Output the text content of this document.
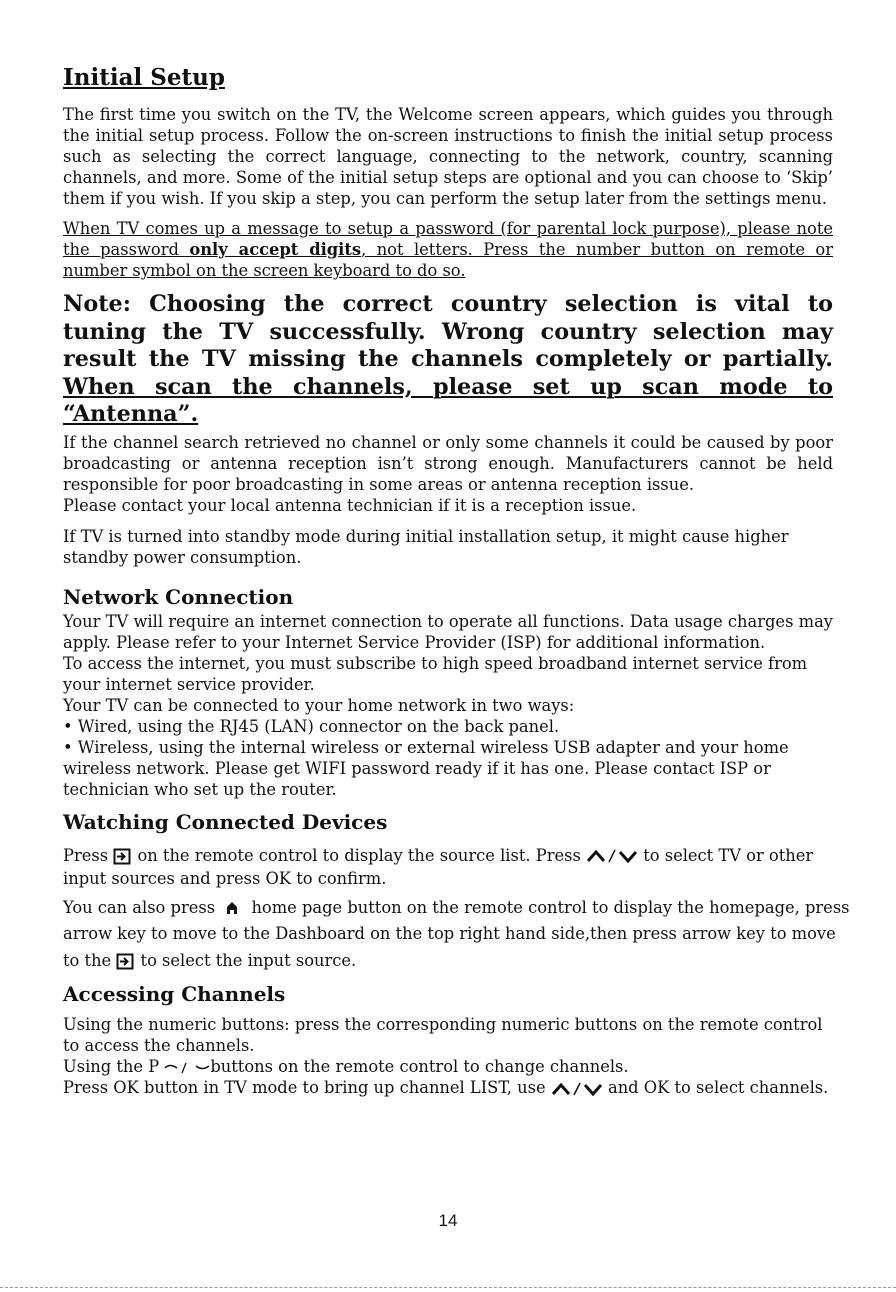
Initial Setup

The first time you switch on the TV, the Welcome screen appears, which guides you through the initial setup process. Follow the on-screen instructions to finish the initial setup process such as selecting the correct language, connecting to the network, country, scanning channels, and more. Some of the initial setup steps are optional and you can choose to ‘Skip’ them if you wish. If you skip a step, you can perform the setup later from the settings menu.

When TV comes up a message to setup a password (for parental lock purpose), please note the password only accept digits, not letters. Press the number button on remote or number symbol on the screen keyboard to do so.

Note: Choosing the correct country selection is vital to tuning the TV successfully. Wrong country selection may result the TV missing the channels completely or partially. When scan the channels, please set up scan mode to “Antenna”.

If the channel search retrieved no channel or only some channels it could be caused by poor broadcasting or antenna reception isn’t strong enough. Manufacturers cannot be held responsible for poor broadcasting in some areas or antenna reception issue.

Please contact your local antenna technician if it is a reception issue.

If TV is turned into standby mode during initial installation setup, it might cause higher standby power consumption.

Network Connection

Your TV will require an internet connection to operate all functions. Data usage charges may apply. Please refer to your Internet Service Provider (ISP) for additional information.

To access the internet, you must subscribe to high speed broadband internet service from your internet service provider.

Your TV can be connected to your home network in two ways:

• Wired, using the RJ45 (LAN) connector on the back panel.

• Wireless, using the internal wireless or external wireless USB adapter and your home wireless network. Please get WIFI password ready if it has one. Please contact ISP or technician who set up the router.

Watching Connected Devices

Press
on the remote control to display the source list. Press	to select TV or other input sources and press OK to confirm.

You can also press
home page button on the remote control to display the homepage, press arrow key to move to the Dashboard on the top right hand side,then press arrow key to move to the
to select the input source.

Accessing Channels

Using the numeric buttons: press the corresponding numeric buttons on the remote control to access the channels.

Using the P	buttons on the remote control to change channels.

Press OK button in TV mode to bring up channel LIST, use	and OK to select channels.

14
